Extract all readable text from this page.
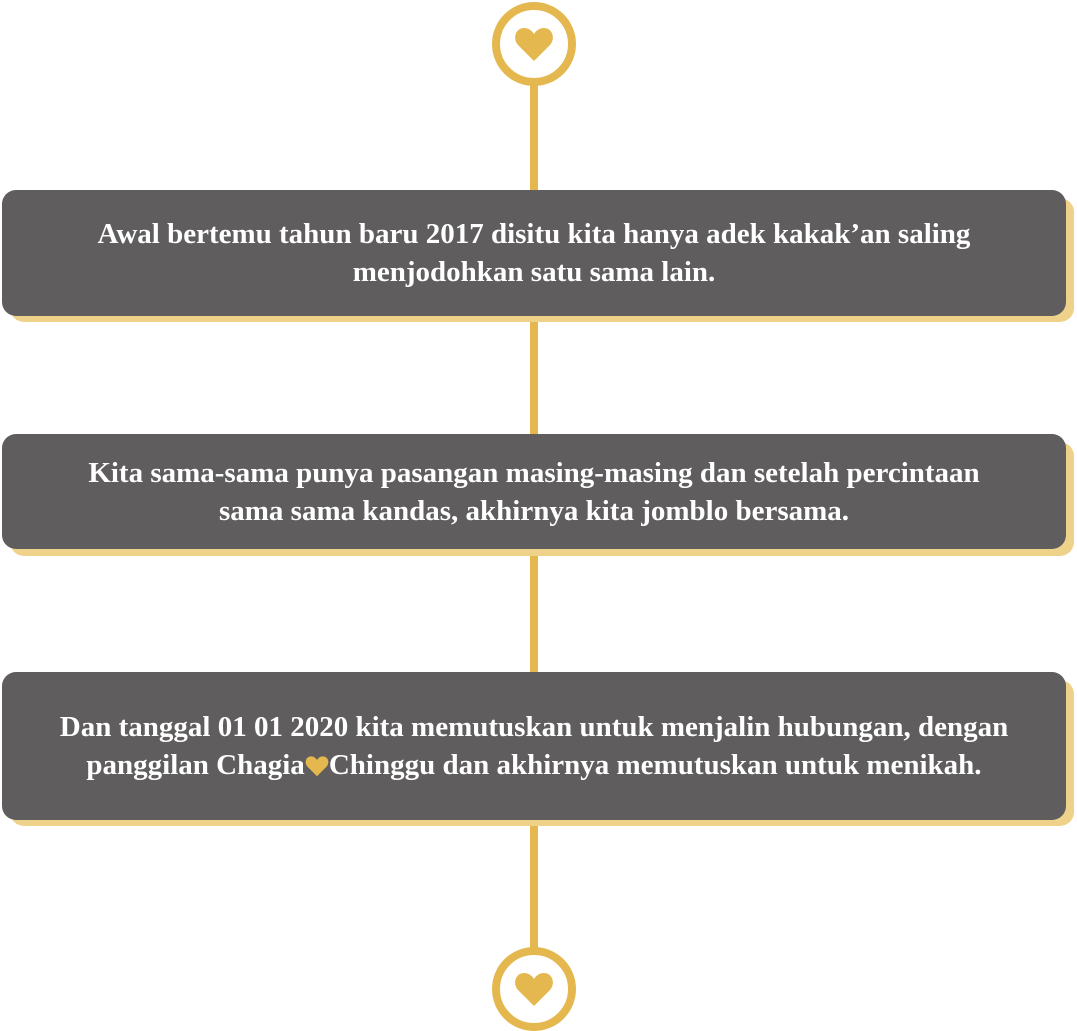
Awal bertemu tahun baru 2017 disitu kita hanya adek kakak’an saling menjodohkan satu sama lain.
Kita sama-sama punya pasangan masing-masing dan setelah percintaan sama sama kandas, akhirnya kita jomblo bersama.
Dan tanggal 01 01 2020 kita memutuskan untuk menjalin hubungan, dengan panggilan Chagia Chinggu dan akhirnya memutuskan untuk menikah.
